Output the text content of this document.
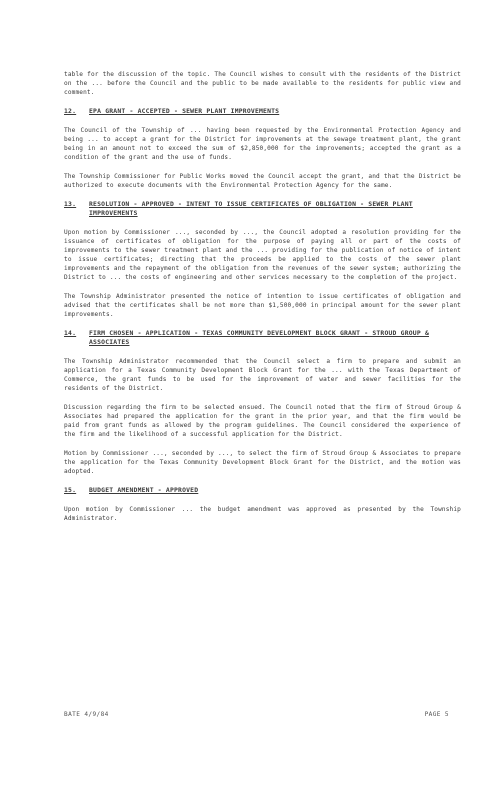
table for the discussion of the topic. The Council wishes to consult with the residents of the District on the ... before the Council and the public to be made available to the residents for public view and comment.

12.	EPA GRANT - ACCEPTED - SEWER PLANT IMPROVEMENTS

The Council of the Township of ... having been requested by the Environmental Protection Agency and being ... to accept a grant for the District for improvements at the sewage treatment plant, the grant being in an amount not to exceed the sum of $2,850,000 for the improvements; accepted the grant as a condition of the grant and the use of funds.

The Township Commissioner for Public Works moved the Council accept the grant, and that the District be authorized to execute documents with the Environmental Protection Agency for the same.

13.	RESOLUTION - APPROVED - INTENT TO ISSUE CERTIFICATES OF OBLIGATION - SEWER PLANT IMPROVEMENTS

Upon motion by Commissioner ..., seconded by ..., the Council adopted a resolution providing for the issuance of certificates of obligation for the purpose of paying all or part of the costs of improvements to the sewer treatment plant and the ... providing for the publication of notice of intent to issue certificates; directing that the proceeds be applied to the costs of the sewer plant improvements and the repayment of the obligation from the revenues of the sewer system; authorizing the District to ... the costs of engineering and other services necessary to the completion of the project.

The Township Administrator presented the notice of intention to issue certificates of obligation and advised that the certificates shall be not more than $1,500,000 in principal amount for the sewer plant improvements.

14.	FIRM CHOSEN - APPLICATION - TEXAS COMMUNITY DEVELOPMENT BLOCK GRANT - STROUD GROUP & ASSOCIATES

The Township Administrator recommended that the Council select a firm to prepare and submit an application for a Texas Community Development Block Grant for the ... with the Texas Department of Commerce, the grant funds to be used for the improvement of water and sewer facilities for the residents of the District.

Discussion regarding the firm to be selected ensued. The Council noted that the firm of Stroud Group & Associates had prepared the application for the grant in the prior year, and that the firm would be paid from grant funds as allowed by the program guidelines. The Council considered the experience of the firm and the likelihood of a successful application for the District.

Motion by Commissioner ..., seconded by ..., to select the firm of Stroud Group & Associates to prepare the application for the Texas Community Development Block Grant for the District, and the motion was adopted.

15.	BUDGET AMENDMENT - APPROVED

Upon motion by Commissioner ... the budget amendment was approved as presented by the Township Administrator.

BATE 4/9/84	PAGE 5
